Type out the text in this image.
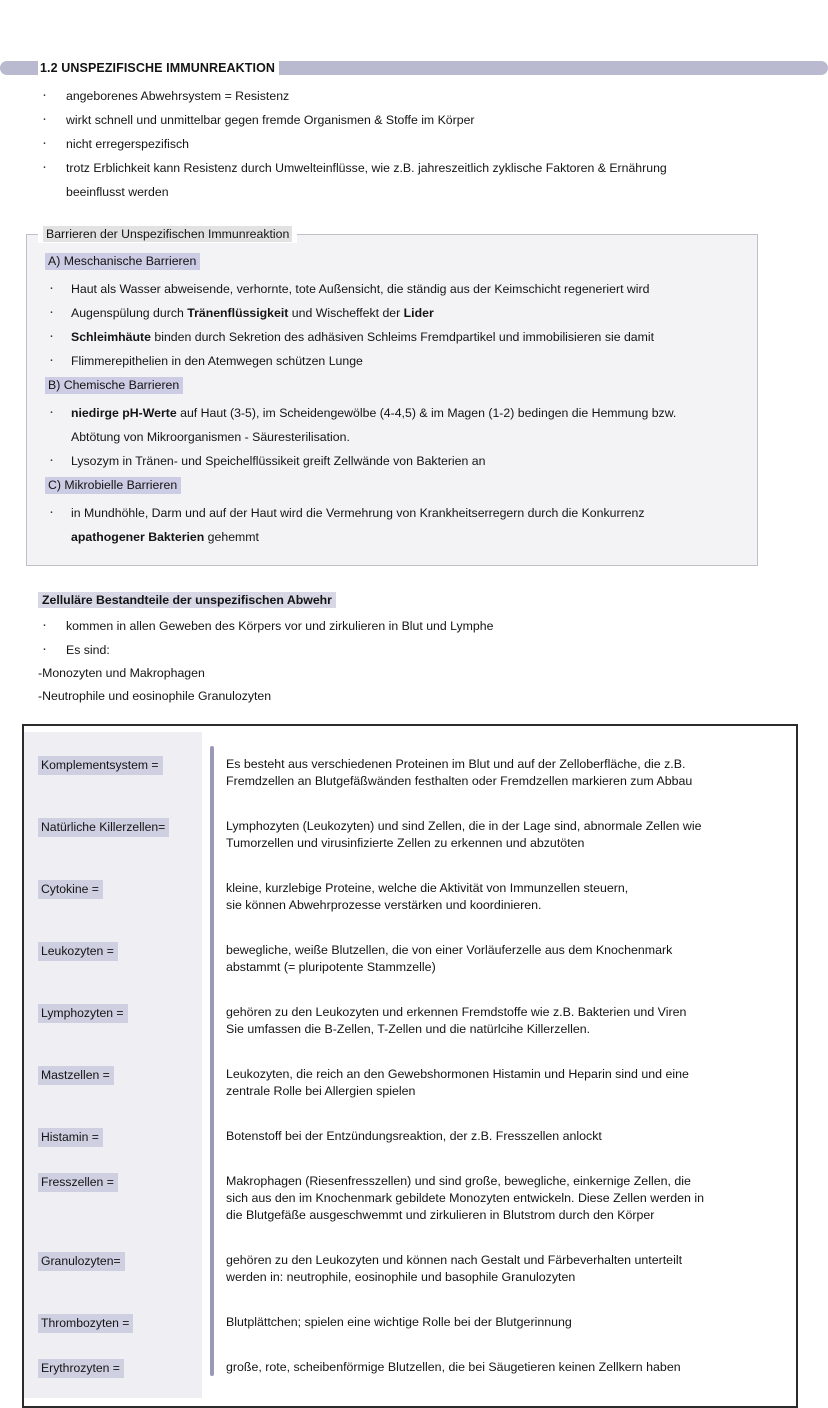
1.2 UNSPEZIFISCHE IMMUNREAKTION
· angeborenes Abwehrsystem = Resistenz
· wirkt schnell und unmittelbar gegen fremde Organismen & Stoffe im Körper
· nicht erregerspezifisch
· trotz Erblichkeit kann Resistenz durch Umwelteinflüsse, wie z.B. jahreszeitlich zyklische Faktoren & Ernährung
beeinflusst werden
Barrieren der Unspezifischen Immunreaktion
A) Meschanische Barrieren
· Haut als Wasser abweisende, verhornte, tote Außensicht, die ständig aus der Keimschicht regeneriert wird
· Augenspülung durch Tränenflüssigkeit und Wischeffekt der Lider
· Schleimhäute binden durch Sekretion des adhäsiven Schleims Fremdpartikel und immobilisieren sie damit
· Flimmerepithelien in den Atemwegen schützen Lunge
B) Chemische Barrieren
· niedirge pH-Werte auf Haut (3-5), im Scheidengewölbe (4-4,5) & im Magen (1-2) bedingen die Hemmung bzw.
Abtötung von Mikroorganismen - Säuresterilisation.
· Lysozym in Tränen- und Speichelflüssikeit greift Zellwände von Bakterien an
C) Mikrobielle Barrieren
· in Mundhöhle, Darm und auf der Haut wird die Vermehrung von Krankheitserregern durch die Konkurrenz
apathogener Bakterien gehemmt
Zelluläre Bestandteile der unspezifischen Abwehr
· kommen in allen Geweben des Körpers vor und zirkulieren in Blut und Lymphe
· Es sind:
-Monozyten und Makrophagen
-Neutrophile und eosinophile Granulozyten
Komplementsystem =
Natürliche Killerzellen=
Cytokine =
Leukozyten =
Lymphozyten =
Mastzellen =
Histamin =
Fresszellen =
Granulozyten=
Thrombozyten =
Erythrozyten =
Es besteht aus verschiedenen Proteinen im Blut und auf der Zelloberfläche, die z.B.
Fremdzellen an Blutgefäßwänden festhalten oder Fremdzellen markieren zum Abbau
Lymphozyten (Leukozyten) und sind Zellen, die in der Lage sind, abnormale Zellen wie
Tumorzellen und virusinfizierte Zellen zu erkennen und abzutöten
kleine, kurzlebige Proteine, welche die Aktivität von Immunzellen steuern,
sie können Abwehrprozesse verstärken und koordinieren.
bewegliche, weiße Blutzellen, die von einer Vorläuferzelle aus dem Knochenmark
abstammt (= pluripotente Stammzelle)
gehören zu den Leukozyten und erkennen Fremdstoffe wie z.B. Bakterien und Viren
Sie umfassen die B-Zellen, T-Zellen und die natürlcihe Killerzellen.
Leukozyten, die reich an den Gewebshormonen Histamin und Heparin sind und eine
zentrale Rolle bei Allergien spielen
Botenstoff bei der Entzündungsreaktion, der z.B. Fresszellen anlockt
Makrophagen (Riesenfresszellen) und sind große, bewegliche, einkernige Zellen, die
sich aus den im Knochenmark gebildete Monozyten entwickeln. Diese Zellen werden in
die Blutgefäße ausgeschwemmt und zirkulieren in Blutstrom durch den Körper
gehören zu den Leukozyten und können nach Gestalt und Färbeverhalten unterteilt
werden in: neutrophile, eosinophile und basophile Granulozyten
Blutplättchen; spielen eine wichtige Rolle bei der Blutgerinnung
große, rote, scheibenförmige Blutzellen, die bei Säugetieren keinen Zellkern haben
